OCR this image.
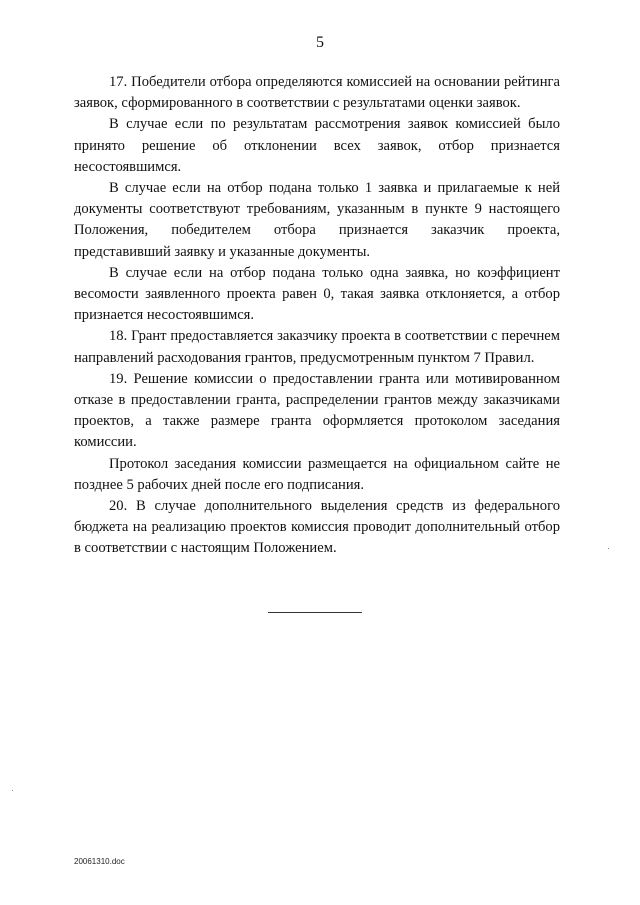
5

17. Победители отбора определяются комиссией на основании рейтинга заявок, сформированного в соответствии с результатами оценки заявок.

В случае если по результатам рассмотрения заявок комиссией было принято решение об отклонении всех заявок, отбор признается несостоявшимся.

В случае если на отбор подана только 1 заявка и прилагаемые к ней документы соответствуют требованиям, указанным в пункте 9 настоящего Положения, победителем отбора признается заказчик проекта, представивший заявку и указанные документы.

В случае если на отбор подана только одна заявка, но коэффициент весомости заявленного проекта равен 0, такая заявка отклоняется, а отбор признается несостоявшимся.

18. Грант предоставляется заказчику проекта в соответствии с перечнем направлений расходования грантов, предусмотренным пунктом 7 Правил.

19. Решение комиссии о предоставлении гранта или мотивированном отказе в предоставлении гранта, распределении грантов между заказчиками проектов, а также размере гранта оформляется протоколом заседания комиссии.

Протокол заседания комиссии размещается на официальном сайте не позднее 5 рабочих дней после его подписания.

20. В случае дополнительного выделения средств из федерального бюджета на реализацию проектов комиссия проводит дополнительный отбор в соответствии с настоящим Положением.

20061310.doc
